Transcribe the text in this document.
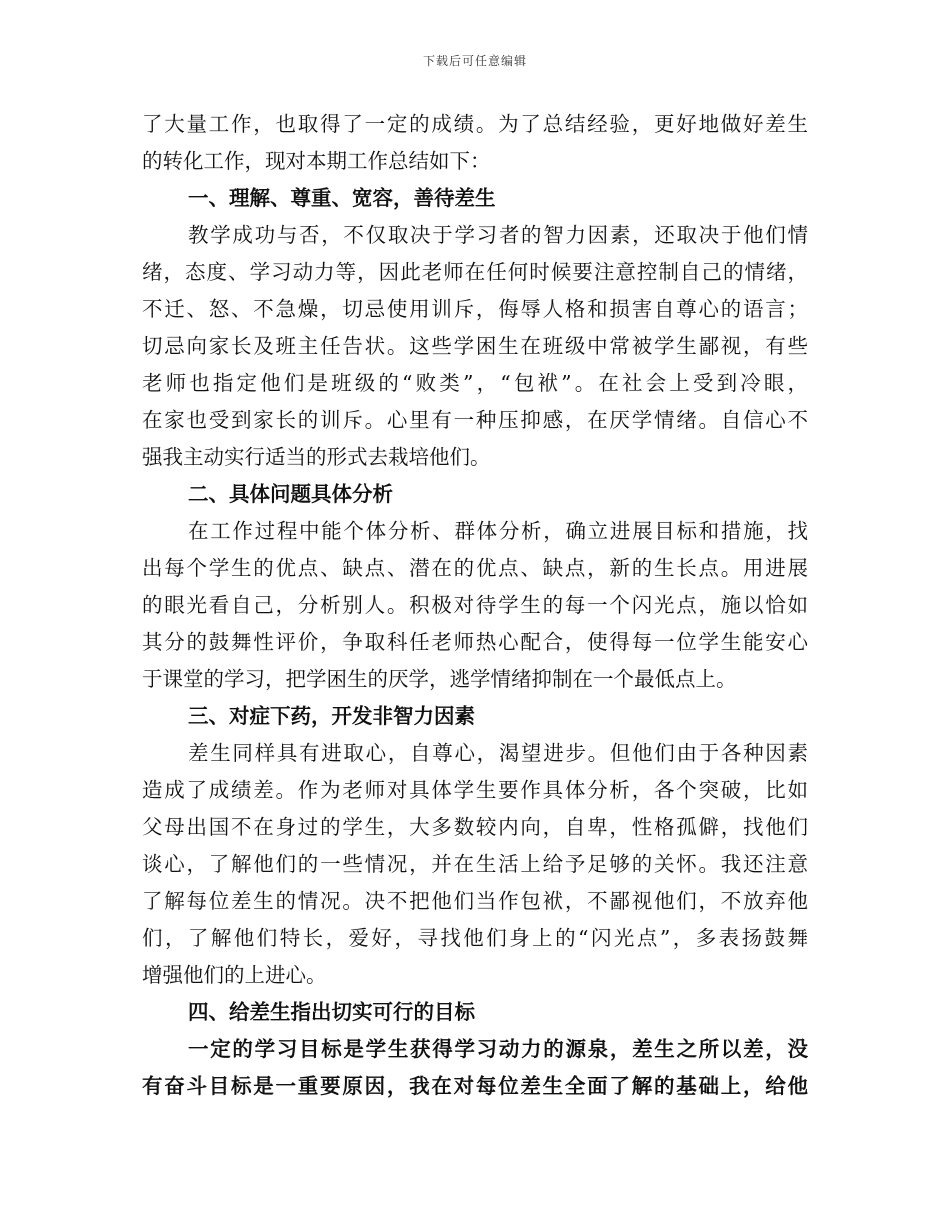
下载后可任意编辑
了大量工作，也取得了一定的成绩。为了总结经验，更好地做好差生
的转化工作，现对本期工作总结如下：
一、理解、尊重、宽容，善待差生
教学成功与否，不仅取决于学习者的智力因素，还取决于他们情
绪，态度、学习动力等，因此老师在任何时候要注意控制自己的情绪，
不迁、怒、不急燥，切忌使用训斥，侮辱人格和损害自尊心的语言；
切忌向家长及班主任告状。这些学困生在班级中常被学生鄙视，有些
老师也指定他们是班级的“败类”，“包袱”。在社会上受到冷眼，
在家也受到家长的训斥。心里有一种压抑感，在厌学情绪。自信心不
强我主动实行适当的形式去栽培他们。
二、具体问题具体分析
在工作过程中能个体分析、群体分析，确立进展目标和措施，找
出每个学生的优点、缺点、潜在的优点、缺点，新的生长点。用进展
的眼光看自己，分析别人。积极对待学生的每一个闪光点，施以恰如
其分的鼓舞性评价，争取科任老师热心配合，使得每一位学生能安心
于课堂的学习，把学困生的厌学，逃学情绪抑制在一个最低点上。
三、对症下药，开发非智力因素
差生同样具有进取心，自尊心，渴望进步。但他们由于各种因素
造成了成绩差。作为老师对具体学生要作具体分析，各个突破，比如
父母出国不在身过的学生，大多数较内向，自卑，性格孤僻，找他们
谈心，了解他们的一些情况，并在生活上给予足够的关怀。我还注意
了解每位差生的情况。决不把他们当作包袱，不鄙视他们，不放弃他
们，了解他们特长，爱好，寻找他们身上的“闪光点”，多表扬鼓舞
增强他们的上进心。
四、给差生指出切实可行的目标
一定的学习目标是学生获得学习动力的源泉，差生之所以差，没
有奋斗目标是一重要原因，我在对每位差生全面了解的基础上，给他
